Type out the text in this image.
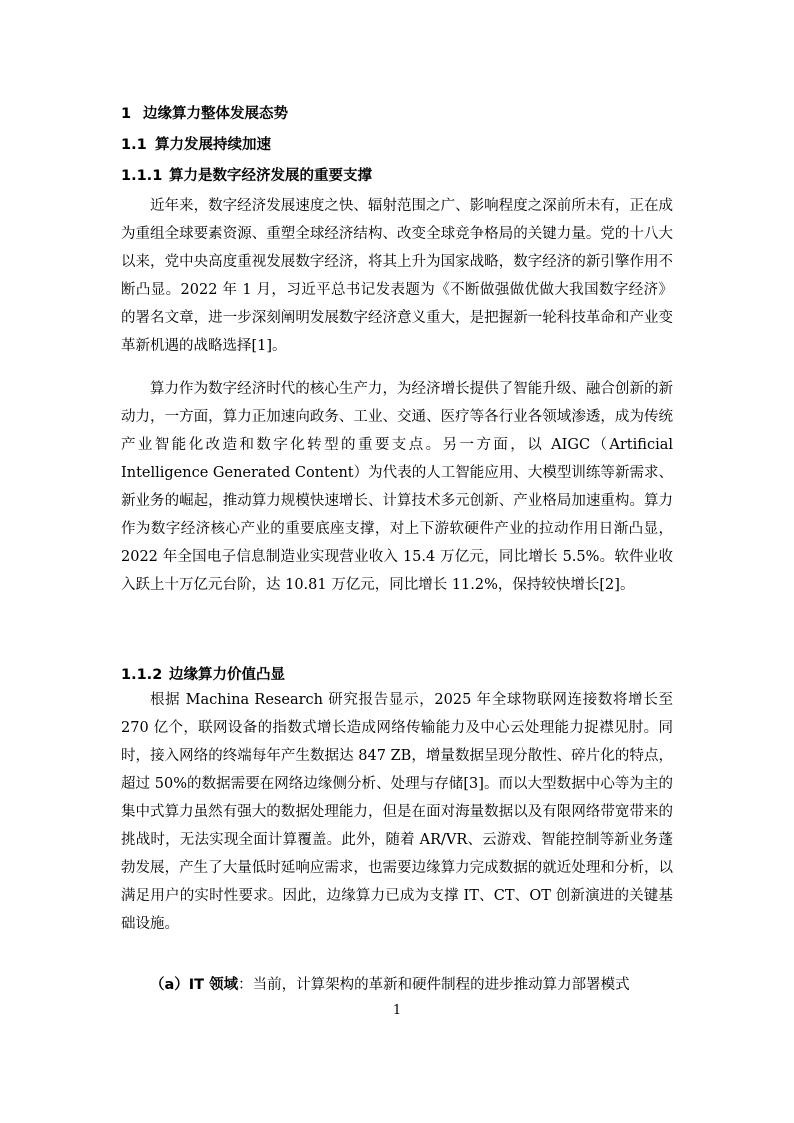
1 边缘算力整体发展态势
1.1 算力发展持续加速
1.1.1 算力是数字经济发展的重要支撑

近年来，数字经济发展速度之快、辐射范围之广、影响程度之深前所未有，正在成为重组全球要素资源、重塑全球经济结构、改变全球竞争格局的关键力量。党的十八大以来，党中央高度重视发展数字经济，将其上升为国家战略，数字经济的新引擎作用不断凸显。2022 年 1 月，习近平总书记发表题为《不断做强做优做大我国数字经济》的署名文章，进一步深刻阐明发展数字经济意义重大，是把握新一轮科技革命和产业变革新机遇的战略选择[1]。

算力作为数字经济时代的核心生产力，为经济增长提供了智能升级、融合创新的新动力，一方面，算力正加速向政务、工业、交通、医疗等各行业各领域渗透，成为传统产业智能化改造和数字化转型的重要支点。另一方面，以 AIGC（Artificial Intelligence Generated Content）为代表的人工智能应用、大模型训练等新需求、新业务的崛起，推动算力规模快速增长、计算技术多元创新、产业格局加速重构。算力作为数字经济核心产业的重要底座支撑，对上下游软硬件产业的拉动作用日渐凸显，2022 年全国电子信息制造业实现营业收入 15.4 万亿元，同比增长 5.5%。软件业收入跃上十万亿元台阶，达 10.81 万亿元，同比增长 11.2%，保持较快增长[2]。

1.1.2 边缘算力价值凸显

根据 Machina Research 研究报告显示，2025 年全球物联网连接数将增长至 270 亿个，联网设备的指数式增长造成网络传输能力及中心云处理能力捉襟见肘。同时，接入网络的终端每年产生数据达 847 ZB，增量数据呈现分散性、碎片化的特点，超过 50%的数据需要在网络边缘侧分析、处理与存储[3]。而以大型数据中心等为主的集中式算力虽然有强大的数据处理能力，但是在面对海量数据以及有限网络带宽带来的挑战时，无法实现全面计算覆盖。此外，随着 AR/VR、云游戏、智能控制等新业务蓬勃发展，产生了大量低时延响应需求，也需要边缘算力完成数据的就近处理和分析，以满足用户的实时性要求。因此，边缘算力已成为支撑 IT、CT、OT 创新演进的关键基础设施。

（a）IT 领域：当前，计算架构的革新和硬件制程的进步推动算力部署模式

1
